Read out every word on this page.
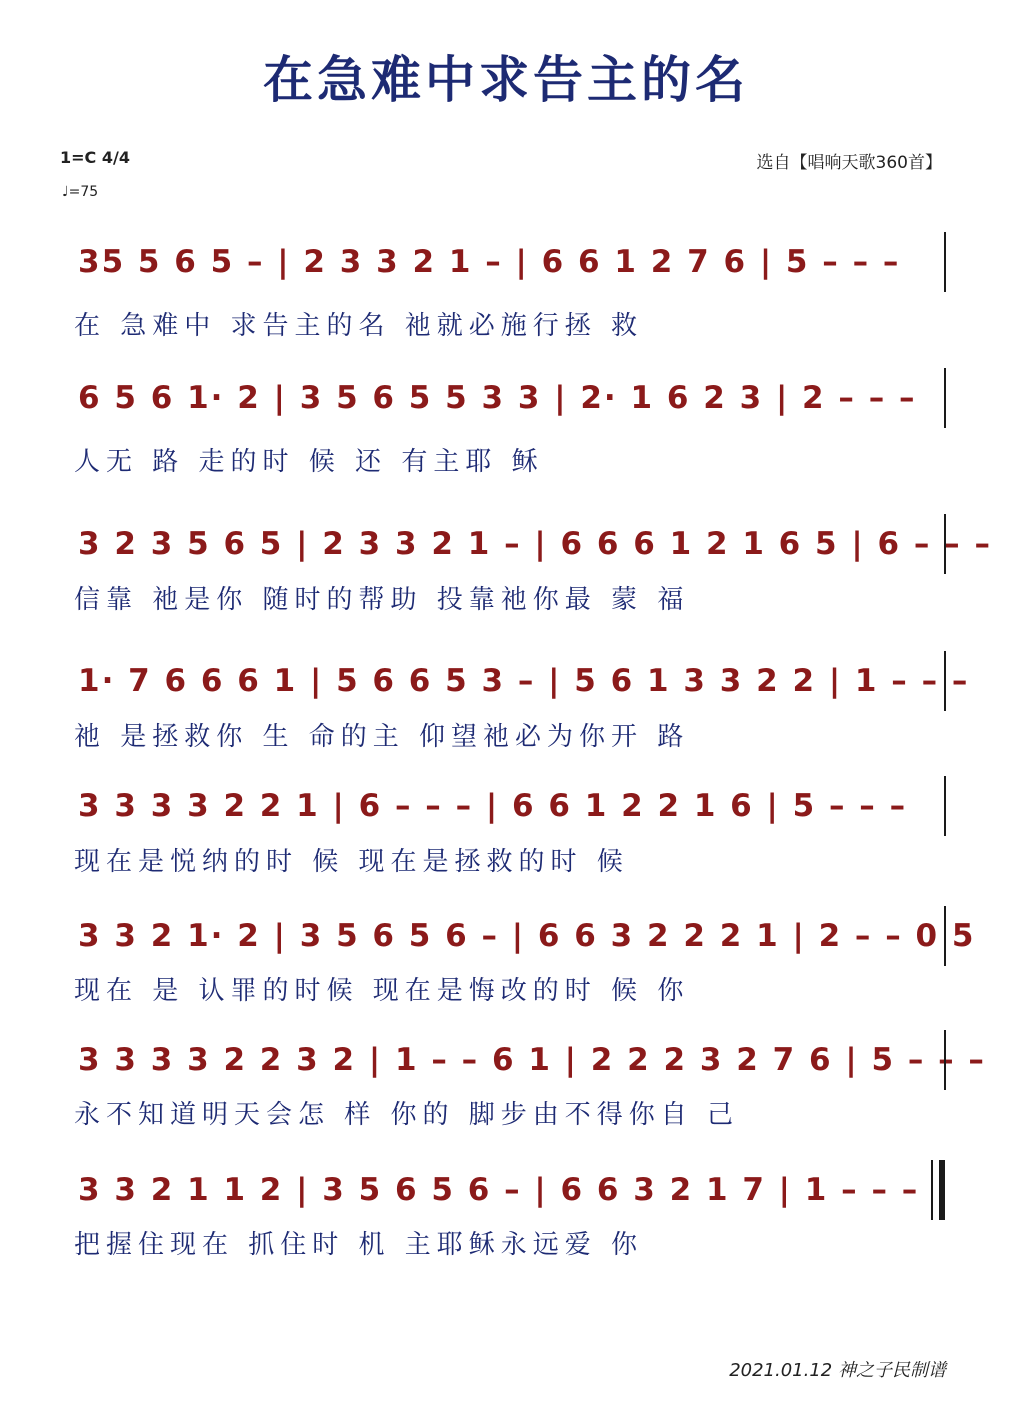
在急难中求告主的名
1=C 4/4
♩=75
选自【唱响天歌360首】
35 5 6 5 – | 2 3 3 2 1 – | 6 6 1 2 7 6 | 5 – – –
在 急难中 求告主的名 祂就必施行拯 救
6 5 6 1· 2 | 3 5 6 5 5 3 3 | 2· 1 6 2 3 | 2 – – –
人无 路 走的时 候 还 有主耶 稣
3 2 3 5 6 5 | 2 3 3 2 1 – | 6 6 6 1 2 1 6 5 | 6 – – –
信靠 祂是你 随时的帮助 投靠祂你最 蒙 福
1· 7 6 6 6 1 | 5 6 6 5 3 – | 5 6 1 3 3 2 2 | 1 – – –
祂 是拯救你 生 命的主 仰望祂必为你开 路
3 3 3 3 2 2 1 | 6 – – – | 6 6 1 2 2 1 6 | 5 – – –
现在是悦纳的时 候 现在是拯救的时 候
3 3 2 1· 2 | 3 5 6 5 6 – | 6 6 3 2 2 2 1 | 2 – – 0 5
现在 是 认罪的时候 现在是悔改的时 候 你
3 3 3 3 2 2 3 2 | 1 – – 6 1 | 2 2 2 3 2 7 6 | 5 – – –
永不知道明天会怎 样 你的 脚步由不得你自 己
3 3 2 1 1 2 | 3 5 6 5 6 – | 6 6 3 2 1 7 | 1 – – –
把握住现在 抓住时 机 主耶稣永远爱 你
2021.01.12 神之子民制谱
